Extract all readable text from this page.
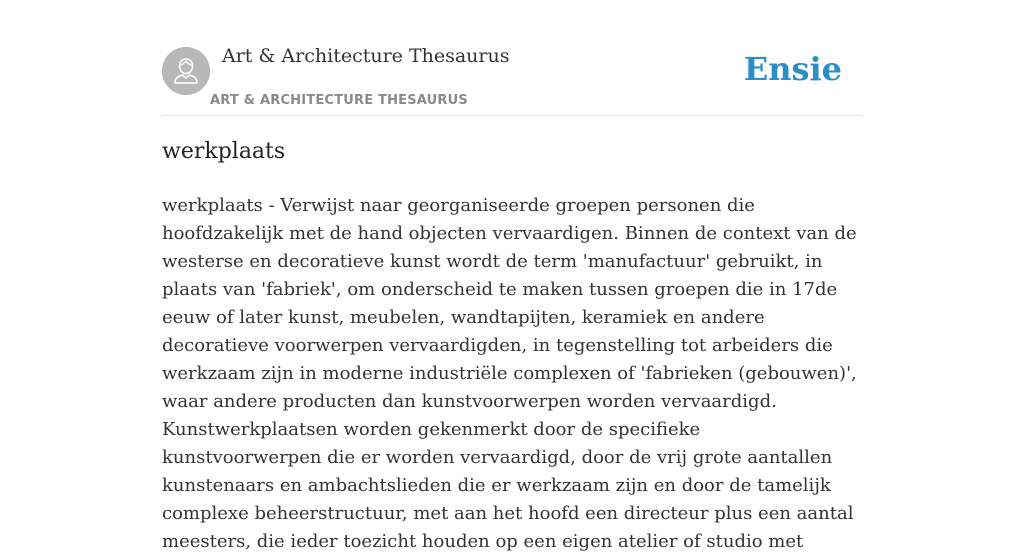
Art & Architecture Thesaurus
ART & ARCHITECTURE THESAURUS
Ensie
werkplaats

werkplaats - Verwijst naar georganiseerde groepen personen die hoofdzakelijk met de hand objecten vervaardigen. Binnen de context van de westerse en decoratieve kunst wordt de term 'manufactuur' gebruikt, in plaats van 'fabriek', om onderscheid te maken tussen groepen die in 17de eeuw of later kunst, meubelen, wandtapijten, keramiek en andere decoratieve voorwerpen vervaardigden, in tegenstelling tot arbeiders die werkzaam zijn in moderne industriële complexen of 'fabrieken (gebouwen)', waar andere producten dan kunstvoorwerpen worden vervaardigd. Kunstwerkplaatsen worden gekenmerkt door de specifieke kunstvoorwerpen die er worden vervaardigd, door de vrij grote aantallen kunstenaars en ambachtslieden die er werkzaam zijn en door de tamelijk complexe beheerstructuur, met aan het hoofd een directeur plus een aantal meesters, die ieder toezicht houden op een eigen atelier of studio met
